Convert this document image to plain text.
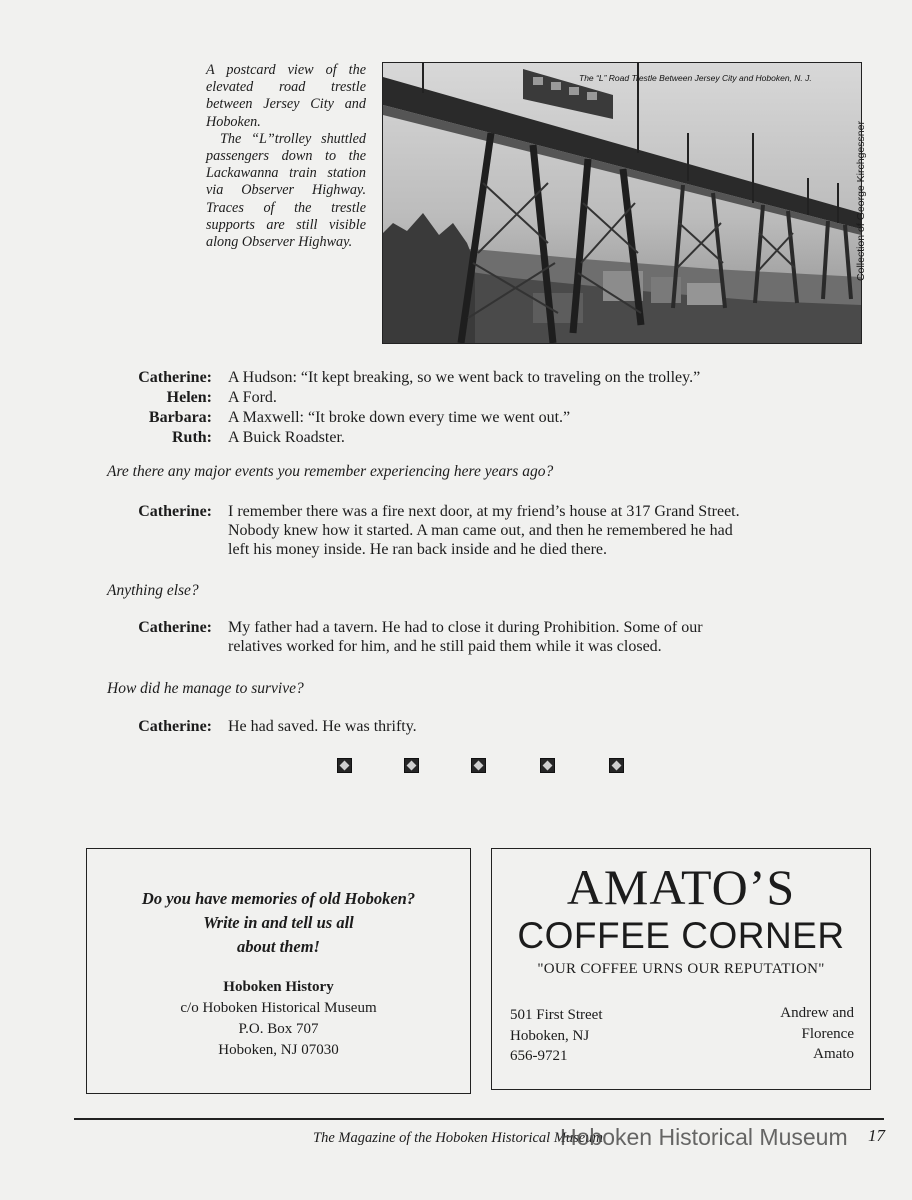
A postcard view of the elevated road trestle between Jersey City and Hoboken.

The “L”trolley shuttled passengers down to the Lackawanna train station via Observer Highway. Traces of the trestle supports are still visible along Observer Highway.

The “L” Road Trestle Between Jersey City and Hoboken, N. J.
Collection of George Kirchgessner
Catherine: A Hudson: “It kept breaking, so we went back to traveling on the trolley.”
Helen: A Ford.
Barbara: A Maxwell: “It broke down every time we went out.”
Ruth: A Buick Roadster.
Are there any major events you remember experiencing here years ago?
Catherine: I remember there was a fire next door, at my friend’s house at 317 Grand Street.
Nobody knew how it started. A man came out, and then he remembered he had
left his money inside. He ran back inside and he died there.
Anything else?
Catherine: My father had a tavern. He had to close it during Prohibition. Some of our
relatives worked for him, and he still paid them while it was closed.
How did he manage to survive?
Catherine: He had saved. He was thrifty.
Do you have memories of old Hoboken?
Write in and tell us all
about them!
Hoboken History
c/o Hoboken Historical Museum
P.O. Box 707
Hoboken, NJ 07030
AMATO’S
COFFEE CORNER
"OUR COFFEE URNS OUR REPUTATION"
501 First Street
Hoboken, NJ
656-9721
Andrew and
Florence
Amato
The Magazine of the Hoboken Historical Museum
Hoboken Historical Museum 17
